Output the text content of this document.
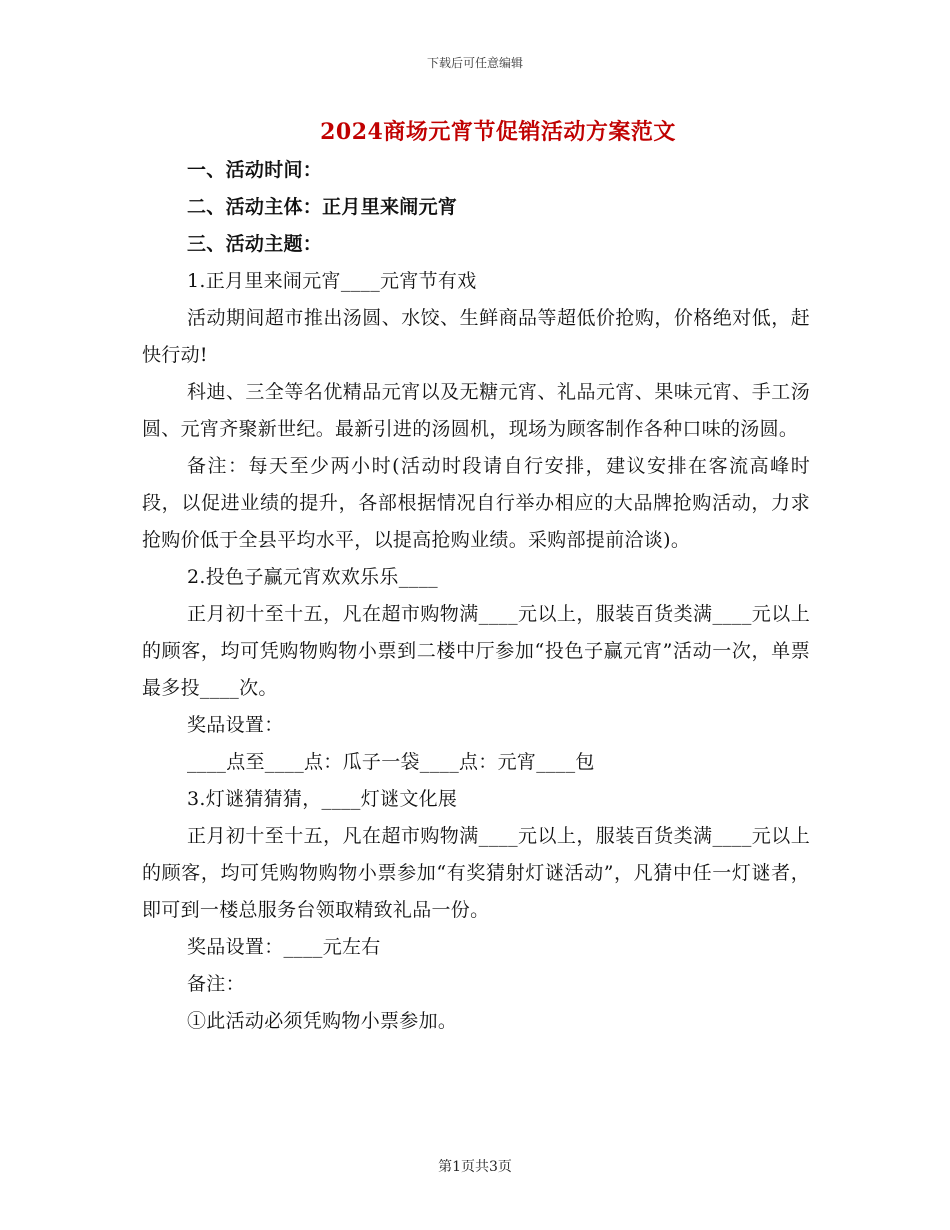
下载后可任意编辑
2024商场元宵节促销活动方案范文
一、活动时间：
二、活动主体：正月里来闹元宵
三、活动主题：
1.正月里来闹元宵____元宵节有戏
活动期间超市推出汤圆、水饺、生鲜商品等超低价抢购，价格绝对低，赶快行动!
科迪、三全等名优精品元宵以及无糖元宵、礼品元宵、果味元宵、手工汤圆、元宵齐聚新世纪。最新引进的汤圆机，现场为顾客制作各种口味的汤圆。
备注：每天至少两小时(活动时段请自行安排，建议安排在客流高峰时段，以促进业绩的提升，各部根据情况自行举办相应的大品牌抢购活动，力求抢购价低于全县平均水平，以提高抢购业绩。采购部提前洽谈)。
2.投色子赢元宵欢欢乐乐____
正月初十至十五，凡在超市购物满____元以上，服装百货类满____元以上的顾客，均可凭购物购物小票到二楼中厅参加“投色子赢元宵”活动一次，单票最多投____次。
奖品设置：
____点至____点：瓜子一袋____点：元宵____包
3.灯谜猜猜猜，____灯谜文化展
正月初十至十五，凡在超市购物满____元以上，服装百货类满____元以上的顾客，均可凭购物购物小票参加“有奖猜射灯谜活动”，凡猜中任一灯谜者，即可到一楼总服务台领取精致礼品一份。
奖品设置：____元左右
备注：
①此活动必须凭购物小票参加。
第1页共3页
